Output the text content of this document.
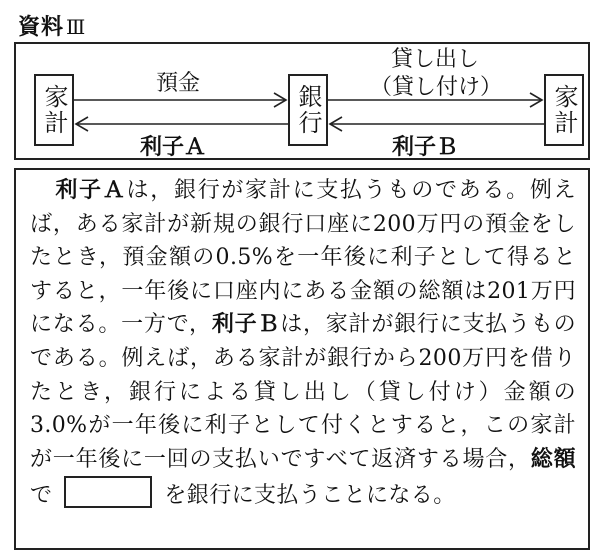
資料 Ⅲ
家計	銀行	家計
預金
貸し出し
（貸し付け）
利子Ａ	利子Ｂ

利子Ａは，銀行が家計に支払うものである。例えば，ある家計が新規の銀行口座に200万円の預金をしたとき，預金額の0.5%を一年後に利子として得るとすると，一年後に口座内にある金額の総額は201万円になる。一方で，利子Ｂは，家計が銀行に支払うものである。例えば，ある家計が銀行から200万円を借りたとき，銀行による貸し出し（貸し付け）金額の3.0%が一年後に利子として付くとすると，この家計が一年後に一回の支払いですべて返済する場合，総額で	を銀行に支払うことになる。
